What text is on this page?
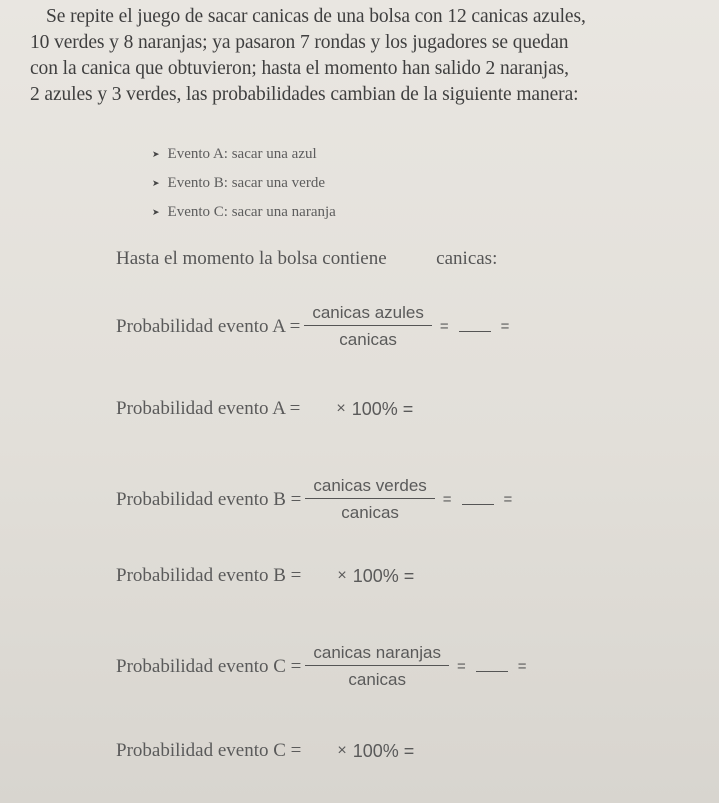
Se repite el juego de sacar canicas de una bolsa con 12 canicas azules,
10 verdes y 8 naranjas; ya pasaron 7 rondas y los jugadores se quedan
con la canica que obtuvieron; hasta el momento han salido 2 naranjas,
2 azules y 3 verdes, las probabilidades cambian de la siguiente manera:
➤ Evento A: sacar una azul
➤ Evento B: sacar una verde
➤ Evento C: sacar una naranja
Hasta el momento la bolsa contiene	canicas:
Probabilidad evento $A = \frac{\text{canicas azules}}{\text{canicas}}$ =	=
Probabilidad evento A = × 100% =
Probabilidad evento $B = \frac{\text{canicas verdes}}{\text{canicas}}$ =	=
Probabilidad evento B = × 100% =
Probabilidad evento $C = \frac{\text{canicas naranjas}}{\text{canicas}}$ =	=
Probabilidad evento C = × 100% =
